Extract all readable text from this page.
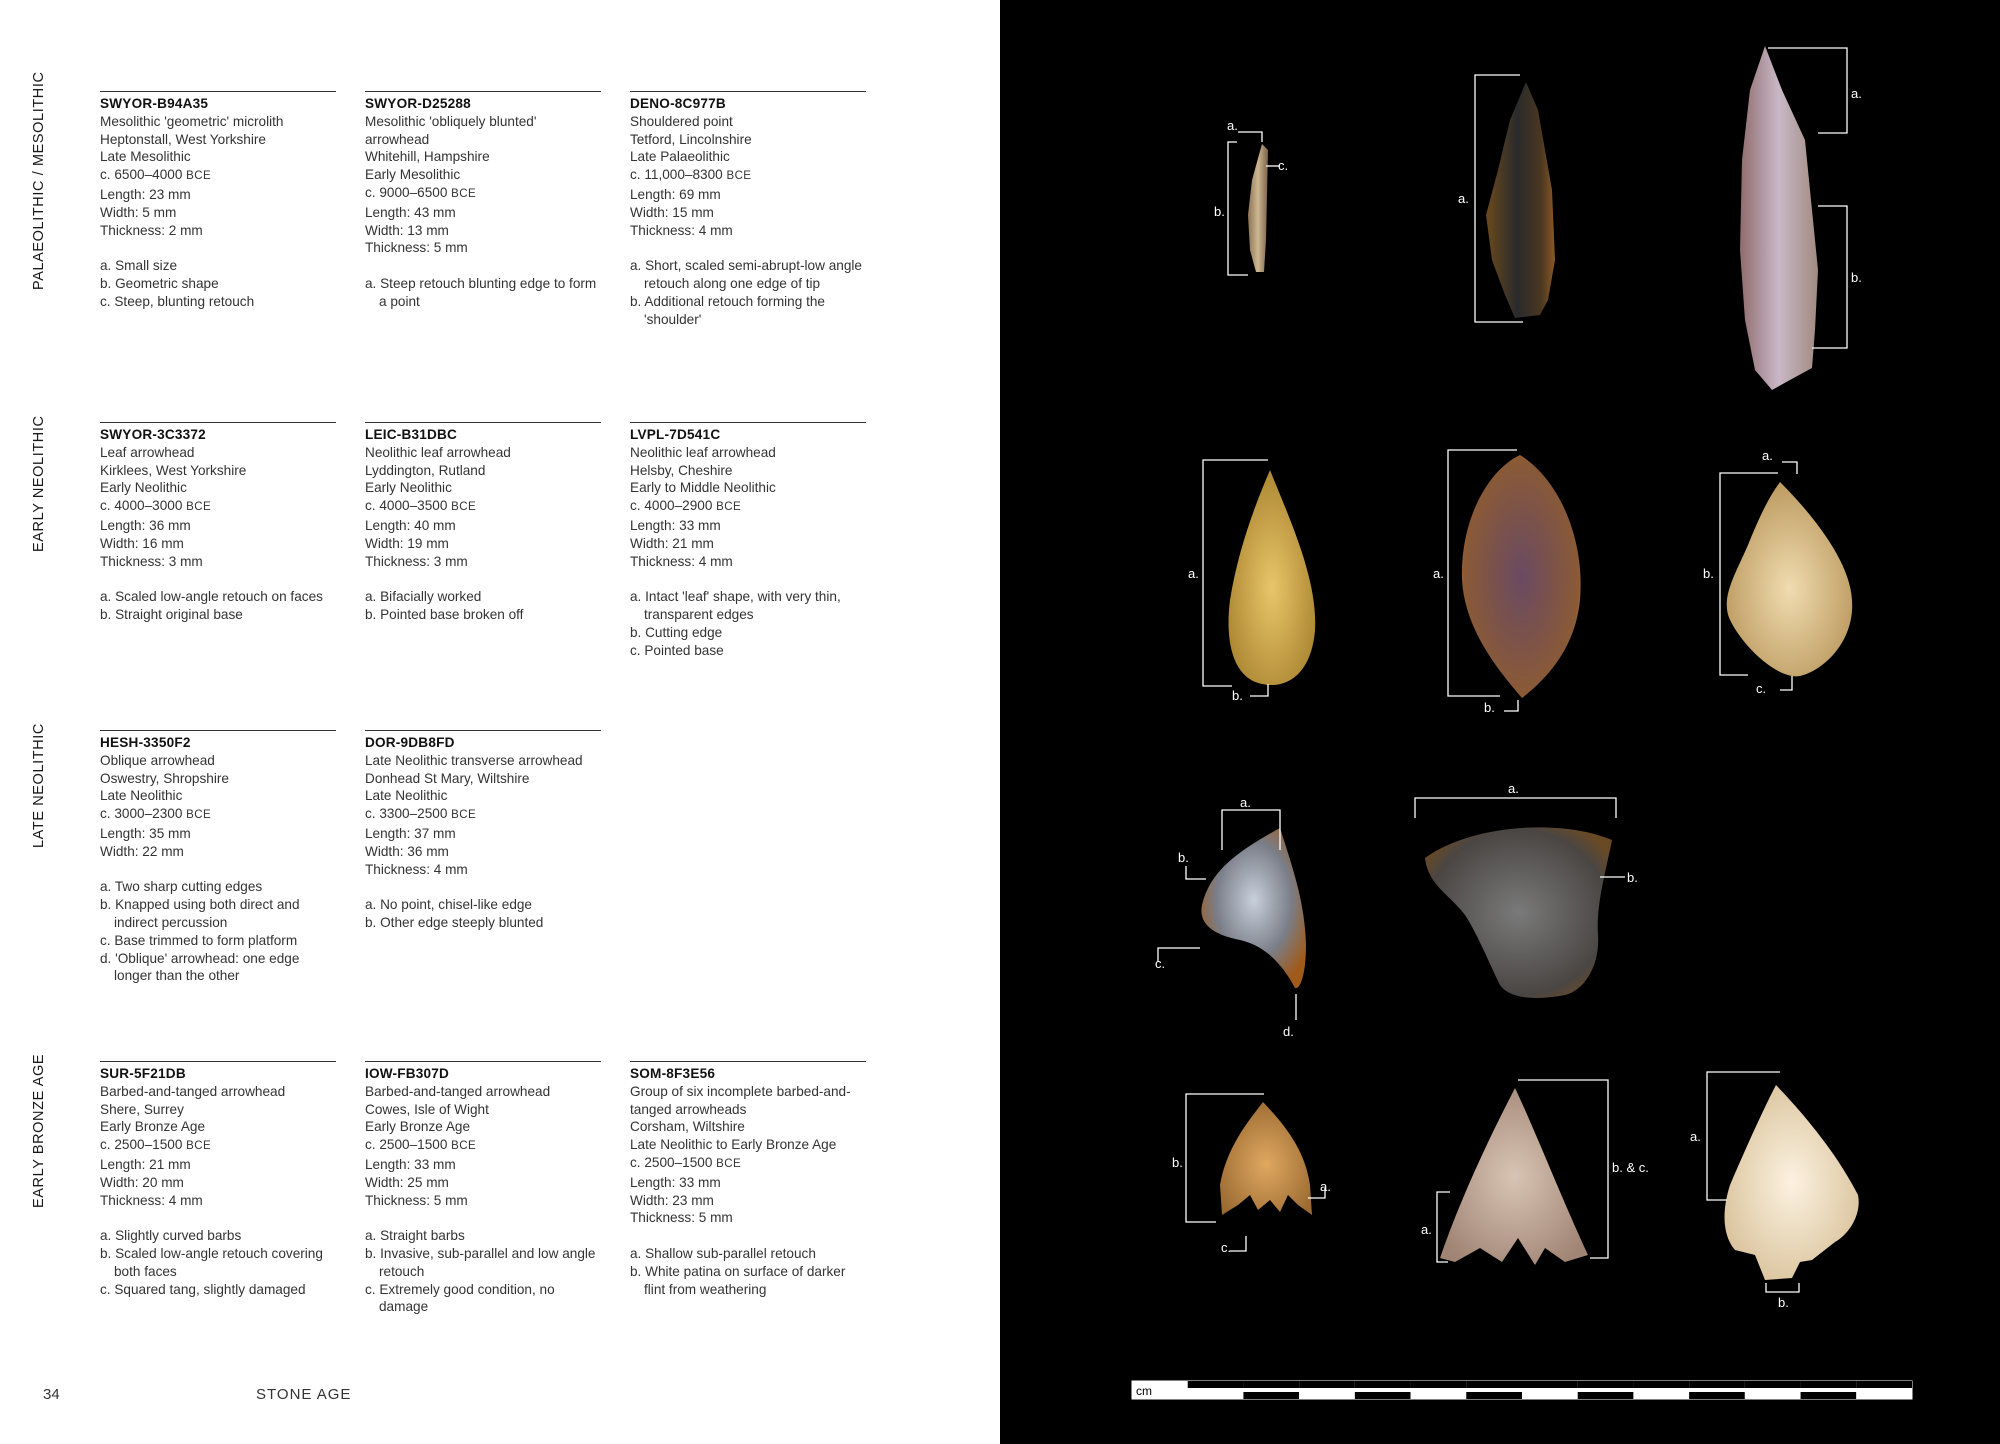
PALAEOLITHIC / MESOLITHIC
EARLY NEOLITHIC
LATE NEOLITHIC
EARLY BRONZE AGE
SWYOR-B94A35
Mesolithic 'geometric' microlith
Heptonstall, West Yorkshire
Late Mesolithic
c. 6500–4000 BCE
Length: 23 mm
Width: 5 mm
Thickness: 2 mm
a. Small size
b. Geometric shape
c. Steep, blunting retouch
SWYOR-D25288
Mesolithic 'obliquely blunted'
arrowhead
Whitehill, Hampshire
Early Mesolithic
c. 9000–6500 BCE
Length: 43 mm
Width: 13 mm
Thickness: 5 mm
a. Steep retouch blunting edge to form a point
DENO-8C977B
Shouldered point
Tetford, Lincolnshire
Late Palaeolithic
c. 11,000–8300 BCE
Length: 69 mm
Width: 15 mm
Thickness: 4 mm
a. Short, scaled semi-abrupt-low angle retouch along one edge of tip
b. Additional retouch forming the 'shoulder'
SWYOR-3C3372
Leaf arrowhead
Kirklees, West Yorkshire
Early Neolithic
c. 4000–3000 BCE
Length: 36 mm
Width: 16 mm
Thickness: 3 mm
a. Scaled low-angle retouch on faces
b. Straight original base
LEIC-B31DBC
Neolithic leaf arrowhead
Lyddington, Rutland
Early Neolithic
c. 4000–3500 BCE
Length: 40 mm
Width: 19 mm
Thickness: 3 mm
a. Bifacially worked
b. Pointed base broken off
LVPL-7D541C
Neolithic leaf arrowhead
Helsby, Cheshire
Early to Middle Neolithic
c. 4000–2900 BCE
Length: 33 mm
Width: 21 mm
Thickness: 4 mm
a. Intact 'leaf' shape, with very thin, transparent edges
b. Cutting edge
c. Pointed base
HESH-3350F2
Oblique arrowhead
Oswestry, Shropshire
Late Neolithic
c. 3000–2300 BCE
Length: 35 mm
Width: 22 mm
a. Two sharp cutting edges
b. Knapped using both direct and indirect percussion
c. Base trimmed to form platform
d. 'Oblique' arrowhead: one edge longer than the other
DOR-9DB8FD
Late Neolithic transverse arrowhead
Donhead St Mary, Wiltshire
Late Neolithic
c. 3300–2500 BCE
Length: 37 mm
Width: 36 mm
Thickness: 4 mm
a. No point, chisel-like edge
b. Other edge steeply blunted
SUR-5F21DB
Barbed-and-tanged arrowhead
Shere, Surrey
Early Bronze Age
c. 2500–1500 BCE
Length: 21 mm
Width: 20 mm
Thickness: 4 mm
a. Slightly curved barbs
b. Scaled low-angle retouch covering both faces
c. Squared tang, slightly damaged
IOW-FB307D
Barbed-and-tanged arrowhead
Cowes, Isle of Wight
Early Bronze Age
c. 2500–1500 BCE
Length: 33 mm
Width: 25 mm
Thickness: 5 mm
a. Straight barbs
b. Invasive, sub-parallel and low angle retouch
c. Extremely good condition, no damage
SOM-8F3E56
Group of six incomplete barbed-and-
tanged arrowheads
Corsham, Wiltshire
Late Neolithic to Early Bronze Age
c. 2500–1500 BCE
Length: 33 mm
Width: 23 mm
Thickness: 5 mm
a. Shallow sub-parallel retouch
b. White patina on surface of darker flint from weathering
34	STONE AGE	cm
a.
c.
b.
a.
a.
b.
a.
b.
a.
b.
a.
b.
c.
a.
b.
c.
d.
a.
b.
b.
a.
c.
b. & c.
a.
a.
b.
